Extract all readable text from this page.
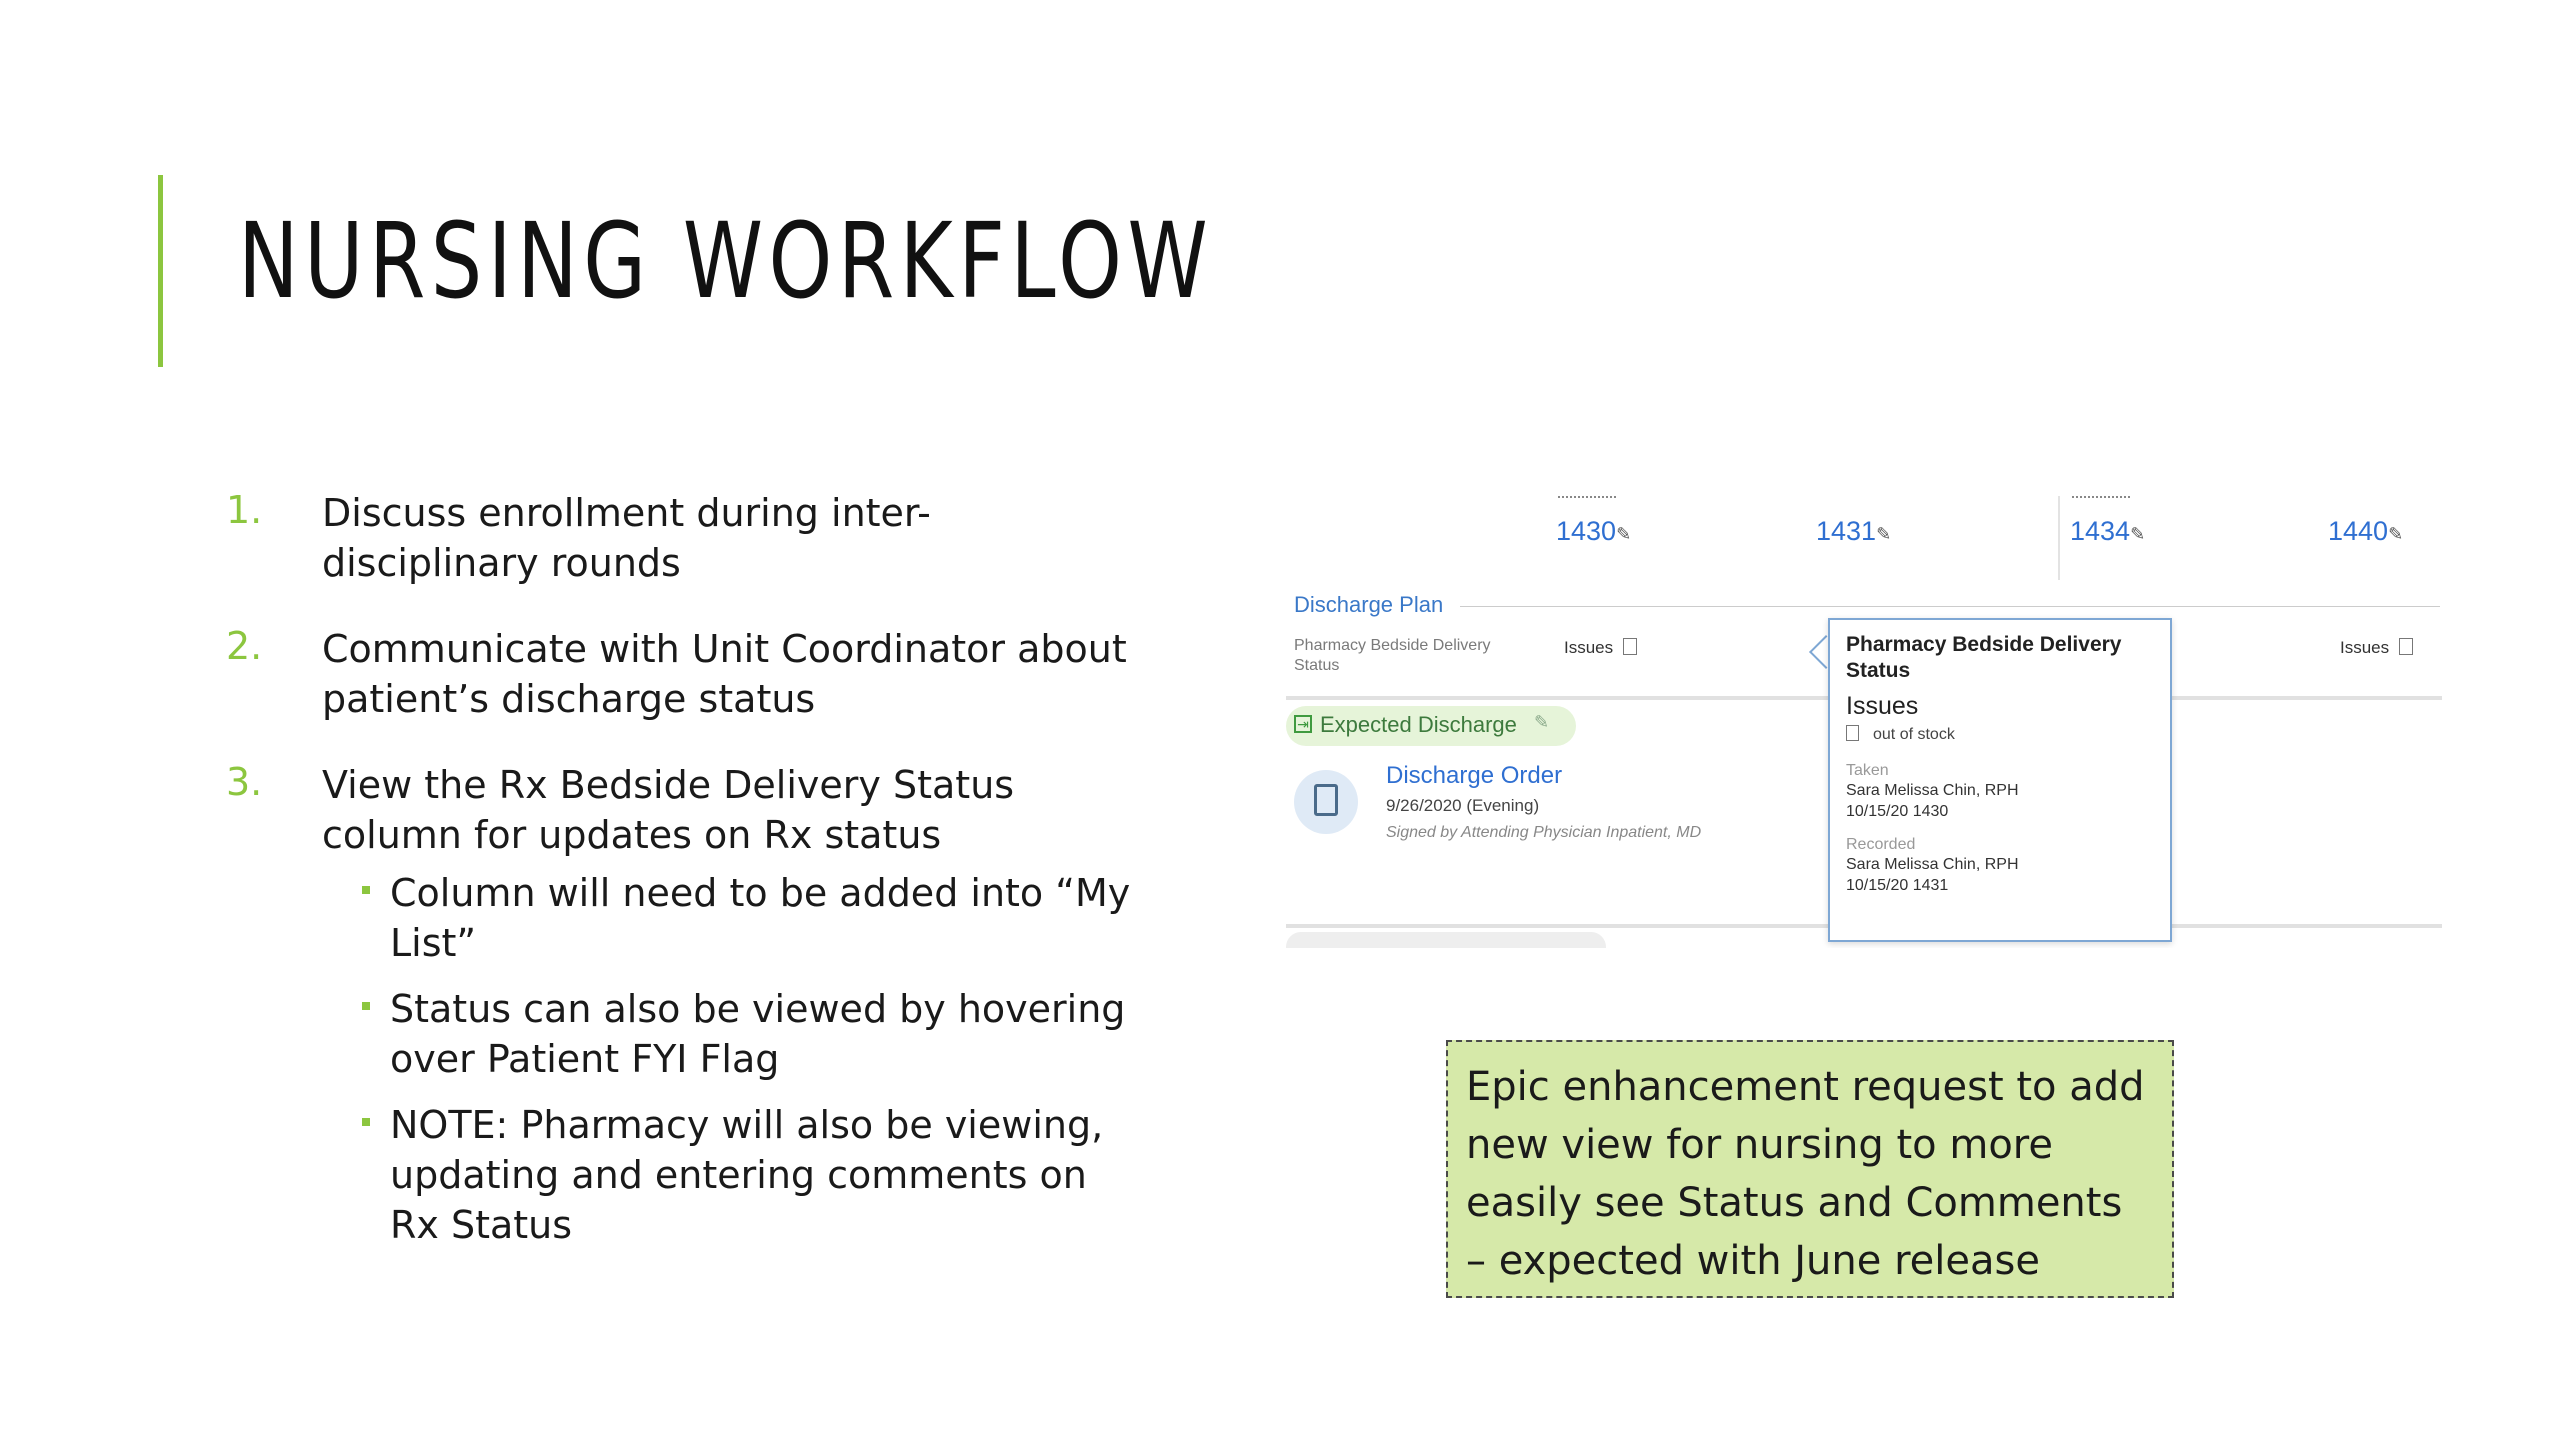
NURSING WORKFLOW
1. Discuss enrollment during inter-disciplinary rounds
2. Communicate with Unit Coordinator about patient’s discharge status
3. View the Rx Bedside Delivery Status column for updates on Rx status
Column will need to be added into “My List”
Status can also be viewed by hovering over Patient FYI Flag
NOTE: Pharmacy will also be viewing, updating and entering comments on Rx Status
1430✎	1431✎	1434✎	1440✎
Discharge Plan
Pharmacy Bedside Delivery Status
Issues	Issues
⇥ Expected Discharge ✎
Discharge Order
9/26/2020 (Evening)
Signed by Attending Physician Inpatient, MD
Pharmacy Bedside Delivery Status
Issues
out of stock
Taken
Sara Melissa Chin, RPH
10/15/20 1430
Recorded
Sara Melissa Chin, RPH
10/15/20 1431
Epic enhancement request to add new view for nursing to more easily see Status and Comments – expected with June release
